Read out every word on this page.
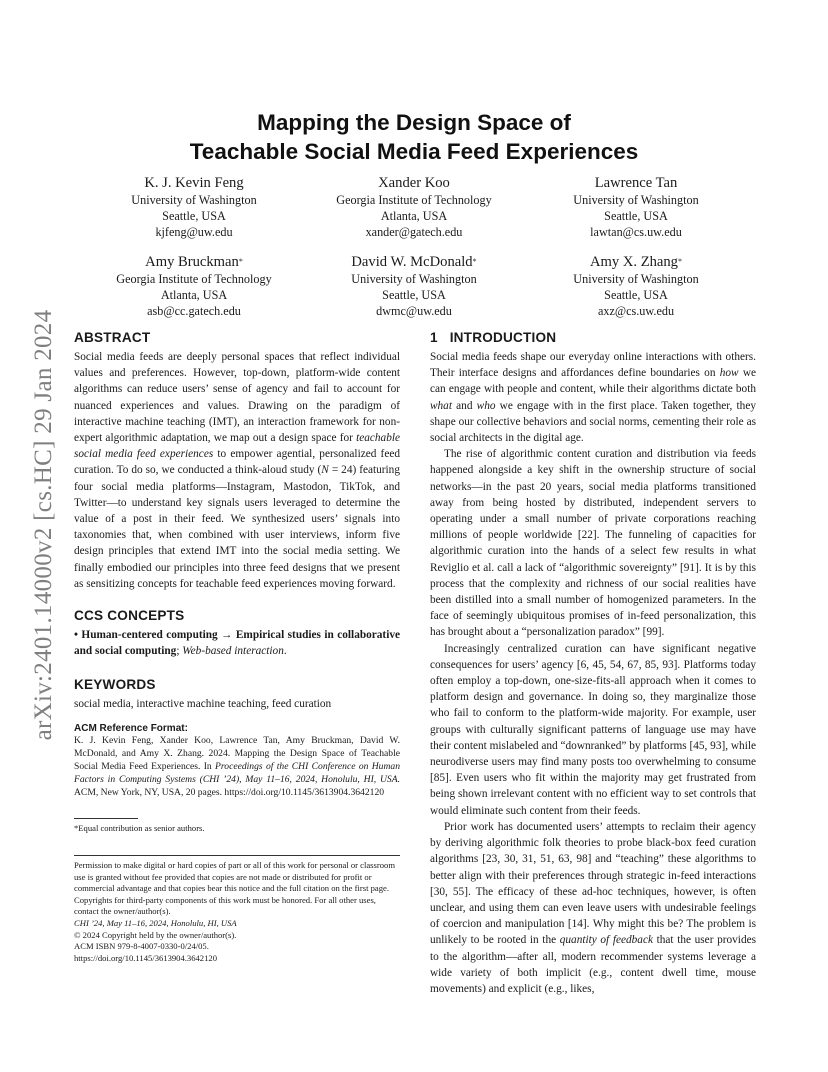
arXiv:2401.14000v2 [cs.HC] 29 Jan 2024
Mapping the Design Space of
Teachable Social Media Feed Experiences
K. J. Kevin Feng
University of Washington
Seattle, USA
kjfeng@uw.edu
Xander Koo
Georgia Institute of Technology
Atlanta, USA
xander@gatech.edu
Lawrence Tan
University of Washington
Seattle, USA
lawtan@cs.uw.edu
Amy Bruckman*
Georgia Institute of Technology
Atlanta, USA
asb@cc.gatech.edu
David W. McDonald*
University of Washington
Seattle, USA
dwmc@uw.edu
Amy X. Zhang*
University of Washington
Seattle, USA
axz@cs.uw.edu
ABSTRACT

Social media feeds are deeply personal spaces that reflect individual values and preferences. However, top-down, platform-wide content algorithms can reduce users’ sense of agency and fail to account for nuanced experiences and values. Drawing on the paradigm of interactive machine teaching (IMT), an interaction framework for non-expert algorithmic adaptation, we map out a design space for teachable social media feed experiences to empower agential, personalized feed curation. To do so, we conducted a think-aloud study (N = 24) featuring four social media platforms—Instagram, Mastodon, TikTok, and Twitter—to understand key signals users leveraged to determine the value of a post in their feed. We synthesized users’ signals into taxonomies that, when combined with user interviews, inform five design principles that extend IMT into the social media setting. We finally embodied our principles into three feed designs that we present as sensitizing concepts for teachable feed experiences moving forward.

CCS CONCEPTS

• Human-centered computing → Empirical studies in collaborative and social computing; Web-based interaction.

KEYWORDS

social media, interactive machine teaching, feed curation

ACM Reference Format:

K. J. Kevin Feng, Xander Koo, Lawrence Tan, Amy Bruckman, David W. McDonald, and Amy X. Zhang. 2024. Mapping the Design Space of Teachable Social Media Feed Experiences. In Proceedings of the CHI Conference on Human Factors in Computing Systems (CHI ’24), May 11–16, 2024, Honolulu, HI, USA. ACM, New York, NY, USA, 20 pages. https://doi.org/10.1145/3613904.3642120

*Equal contribution as senior authors.

Permission to make digital or hard copies of part or all of this work for personal or classroom use is granted without fee provided that copies are not made or distributed for profit or commercial advantage and that copies bear this notice and the full citation on the first page. Copyrights for third-party components of this work must be honored. For all other uses, contact the owner/author(s).

CHI ’24, May 11–16, 2024, Honolulu, HI, USA

© 2024 Copyright held by the owner/author(s).

ACM ISBN 979-8-4007-0330-0/24/05.

https://doi.org/10.1145/3613904.3642120

1   INTRODUCTION

Social media feeds shape our everyday online interactions with others. Their interface designs and affordances define boundaries on how we can engage with people and content, while their algorithms dictate both what and who we engage with in the first place. Taken together, they shape our collective behaviors and social norms, cementing their role as social architects in the digital age.

The rise of algorithmic content curation and distribution via feeds happened alongside a key shift in the ownership structure of social networks—in the past 20 years, social media platforms transitioned away from being hosted by distributed, independent servers to operating under a small number of private corporations reaching millions of people worldwide [22]. The funneling of capacities for algorithmic curation into the hands of a select few results in what Reviglio et al. call a lack of “algorithmic sovereignty” [91]. It is by this process that the complexity and richness of our social realities have been distilled into a small number of homogenized parameters. In the face of seemingly ubiquitous promises of in-feed personalization, this has brought about a “personalization paradox” [99].

Increasingly centralized curation can have significant negative consequences for users’ agency [6, 45, 54, 67, 85, 93]. Platforms today often employ a top-down, one-size-fits-all approach when it comes to platform design and governance. In doing so, they marginalize those who fail to conform to the platform-wide majority. For example, user groups with culturally significant patterns of language use may have their content mislabeled and “downranked” by platforms [45, 93], while neurodiverse users may find many posts too overwhelming to consume [85]. Even users who fit within the majority may get frustrated from being shown irrelevant content with no efficient way to set controls that would eliminate such content from their feeds.

Prior work has documented users’ attempts to reclaim their agency by deriving algorithmic folk theories to probe black-box feed curation algorithms [23, 30, 31, 51, 63, 98] and “teaching” these algorithms to better align with their preferences through strategic in-feed interactions [30, 55]. The efficacy of these ad-hoc techniques, however, is often unclear, and using them can even leave users with undesirable feelings of coercion and manipulation [14]. Why might this be? The problem is unlikely to be rooted in the quantity of feedback that the user provides to the algorithm—after all, modern recommender systems leverage a wide variety of both implicit (e.g., content dwell time, mouse movements) and explicit (e.g., likes,
